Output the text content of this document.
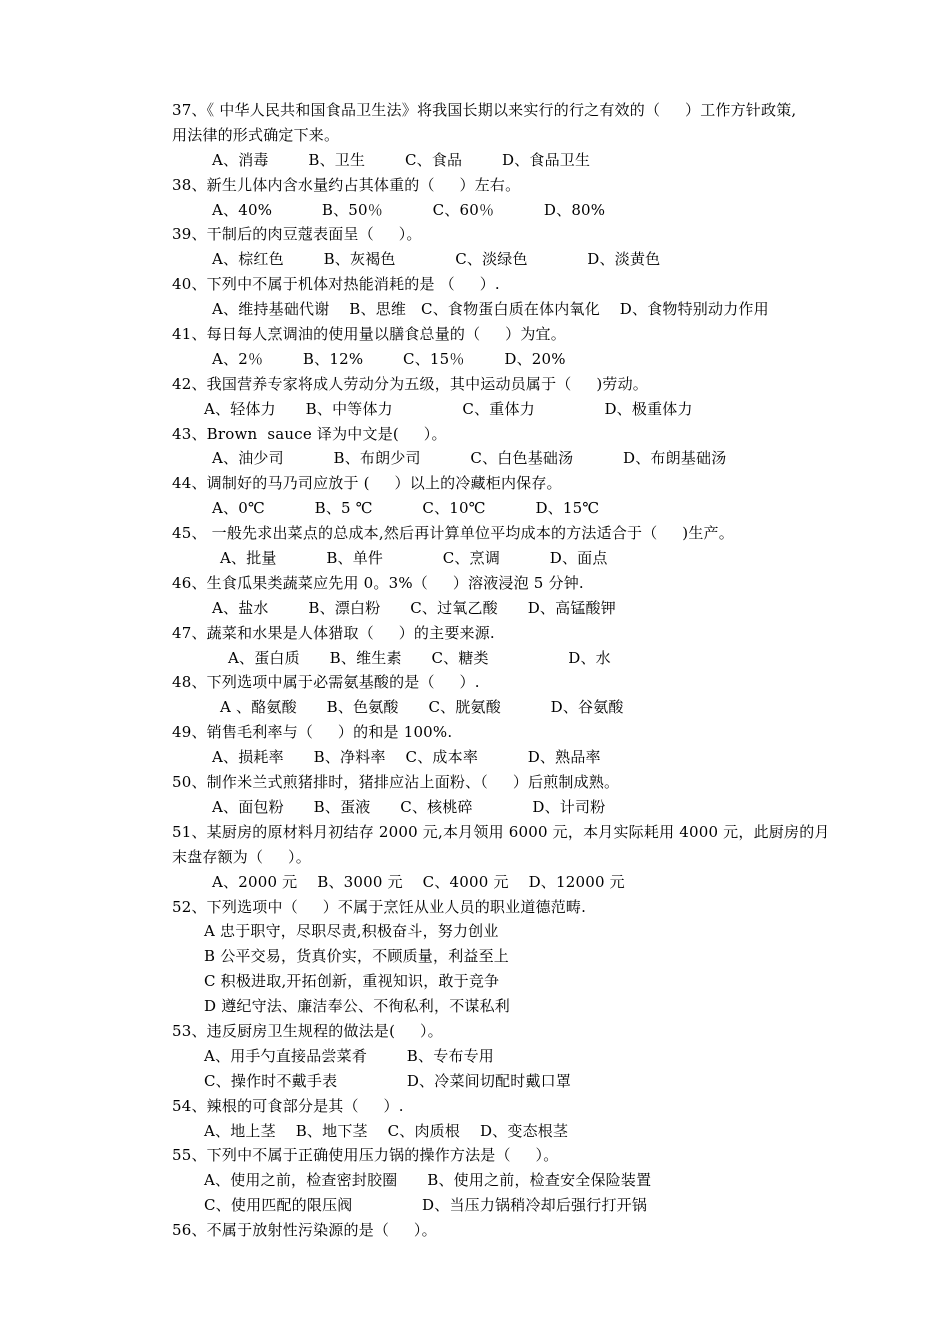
37、《 中华人民共和国食品卫生法》将我国长期以来实行的行之有效的（     ）工作方针政策,
用法律的形式确定下来。
A、消毒        B、卫生        C、食品        D、食品卫生
38、新生儿体内含水量约占其体重的（     ）左右。
A、40%          B、50％          C、60％          D、80%
39、干制后的肉豆蔻表面呈（     ）。
A、棕红色        B、灰褐色            C、淡绿色            D、淡黄色
40、下列中不属于机体对热能消耗的是 （     ）.
A、维持基础代谢    B、思维   C、食物蛋白质在体内氧化    D、食物特别动力作用
41、每日每人烹调油的使用量以膳食总量的（     ）为宜。
A、2％        B、12%        C、15％        D、20%
42、我国营养专家将成人劳动分为五级，其中运动员属于（     )劳动。
A、轻体力      B、中等体力              C、重体力              D、极重体力
43、Brown  sauce 译为中文是(     ）。
A、油少司          B、布朗少司          C、白色基础汤          D、布朗基础汤
44、调制好的马乃司应放于 (     ）以上的冷藏柜内保存。
A、0℃          B、5 ℃          C、10℃          D、15℃
45、 一般先求出菜点的总成本,然后再计算单位平均成本的方法适合于（     )生产。
A、批量          B、单件            C、烹调          D、面点
46、生食瓜果类蔬菜应先用 0。3%（     ）溶液浸泡 5 分钟.
A、盐水        B、漂白粉      C、过氧乙酸      D、高锰酸钾
47、蔬菜和水果是人体猎取（     ）的主要来源.
A、蛋白质      B、维生素      C、糖类                D、水
48、下列选项中属于必需氨基酸的是（     ）.
A 、酪氨酸      B、色氨酸      C、胱氨酸          D、谷氨酸
49、销售毛利率与（     ）的和是 100%.
A、损耗率      B、净料率    C、成本率          D、熟品率
50、制作米兰式煎猪排时，猪排应沾上面粉、（     ）后煎制成熟。
A、面包粉      B、蛋液      C、核桃碎            D、计司粉
51、某厨房的原材料月初结存 2000 元,本月领用 6000 元，本月实际耗用 4000 元，此厨房的月
末盘存额为（     ）。
A、2000 元    B、3000 元    C、4000 元    D、12000 元
52、下列选项中（     ）不属于烹饪从业人员的职业道德范畴.
A 忠于职守，尽职尽责,积极奋斗，努力创业
B 公平交易，货真价实，不顾质量，利益至上
C 积极进取,开拓创新，重视知识，敢于竞争
D 遵纪守法、廉洁奉公、不徇私利，不谋私利
53、违反厨房卫生规程的做法是(     ）。
A、用手勺直接品尝菜肴        B、专布专用
C、操作时不戴手表              D、冷菜间切配时戴口罩
54、辣根的可食部分是其（     ）.
A、地上茎    B、地下茎    C、肉质根    D、变态根茎
55、下列中不属于正确使用压力锅的操作方法是（     ）。
A、使用之前，检查密封胶圈      B、使用之前，检查安全保险装置
C、使用匹配的限压阀              D、当压力锅稍冷却后强行打开锅
56、不属于放射性污染源的是（     ）。
